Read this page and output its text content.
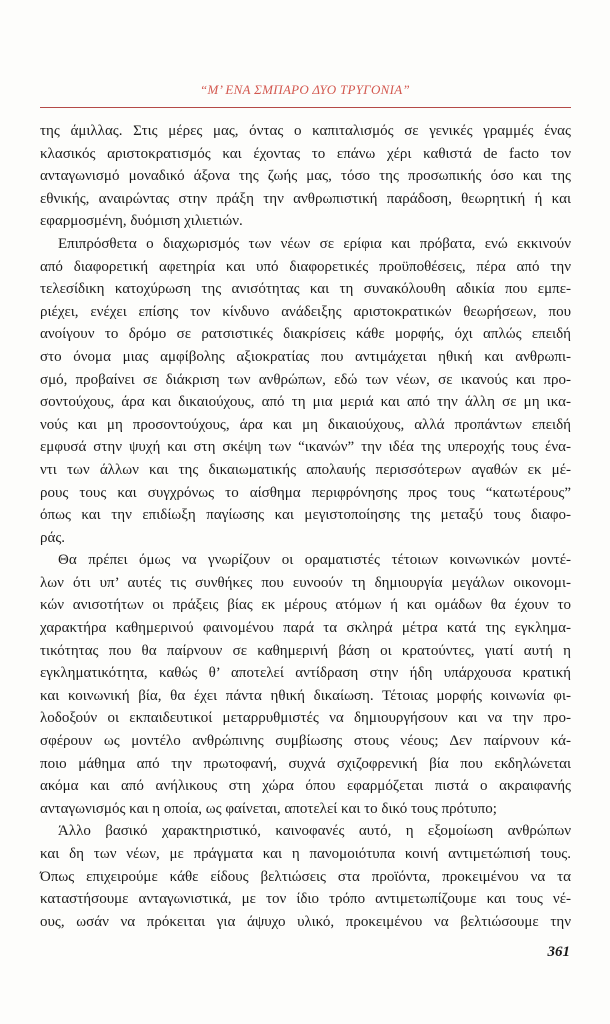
“Μ’ ΕΝΑ ΣΜΠΑΡΟ ΔΥΟ ΤΡΥΓΟΝΙΑ”
της άμιλλας. Στις μέρες μας, όντας ο καπιταλισμός σε γενικές γραμμές ένας
κλασικός αριστοκρατισμός και έχοντας το επάνω χέρι καθιστά de facto τον
ανταγωνισμό μοναδικό άξονα της ζωής μας, τόσο της προσωπικής όσο και της
εθνικής, αναιρώντας στην πράξη την ανθρωπιστική παράδοση, θεωρητική ή και
εφαρμοσμένη, δυόμιση χιλιετιών.
Επιπρόσθετα ο διαχωρισμός των νέων σε ερίφια και πρόβατα, ενώ εκκινούν
από διαφορετική αφετηρία και υπό διαφορετικές προϋποθέσεις, πέρα από την
τελεσίδικη κατοχύρωση της ανισότητας και τη συνακόλουθη αδικία που εμπε-
ριέχει, ενέχει επίσης τον κίνδυνο ανάδειξης αριστοκρατικών θεωρήσεων, που
ανοίγουν το δρόμο σε ρατσιστικές διακρίσεις κάθε μορφής, όχι απλώς επειδή
στο όνομα μιας αμφίβολης αξιοκρατίας που αντιμάχεται ηθική και ανθρωπι-
σμό, προβαίνει σε διάκριση των ανθρώπων, εδώ των νέων, σε ικανούς και προ-
σοντούχους, άρα και δικαιούχους, από τη μια μεριά και από την άλλη σε μη ικα-
νούς και μη προσοντούχους, άρα και μη δικαιούχους, αλλά προπάντων επειδή
εμφυσά στην ψυχή και στη σκέψη των “ικανών” την ιδέα της υπεροχής τους ένα-
ντι των άλλων και της δικαιωματικής απολαυής περισσότερων αγαθών εκ μέ-
ρους τους και συγχρόνως το αίσθημα περιφρόνησης προς τους “κατωτέρους”
όπως και την επιδίωξη παγίωσης και μεγιστοποίησης της μεταξύ τους διαφο-
ράς.
Θα πρέπει όμως να γνωρίζουν οι οραματιστές τέτοιων κοινωνικών μοντέ-
λων ότι υπ’ αυτές τις συνθήκες που ευνοούν τη δημιουργία μεγάλων οικονομι-
κών ανισοτήτων οι πράξεις βίας εκ μέρους ατόμων ή και ομάδων θα έχουν το
χαρακτήρα καθημερινού φαινομένου παρά τα σκληρά μέτρα κατά της εγκλημα-
τικότητας που θα παίρνουν σε καθημερινή βάση οι κρατούντες, γιατί αυτή η
εγκληματικότητα, καθώς θ’ αποτελεί αντίδραση στην ήδη υπάρχουσα κρατική
και κοινωνική βία, θα έχει πάντα ηθική δικαίωση. Τέτοιας μορφής κοινωνία φι-
λοδοξούν οι εκπαιδευτικοί μεταρρυθμιστές να δημιουργήσουν και να την προ-
σφέρουν ως μοντέλο ανθρώπινης συμβίωσης στους νέους; Δεν παίρνουν κά-
ποιο μάθημα από την πρωτοφανή, συχνά σχιζοφρενική βία που εκδηλώνεται
ακόμα και από ανήλικους στη χώρα όπου εφαρμόζεται πιστά ο ακραιφανής
ανταγωνισμός και η οποία, ως φαίνεται, αποτελεί και το δικό τους πρότυπο;
Άλλο βασικό χαρακτηριστικό, καινοφανές αυτό, η εξομοίωση ανθρώπων
και δη των νέων, με πράγματα και η πανομοιότυπα κοινή αντιμετώπισή τους.
Όπως επιχειρούμε κάθε είδους βελτιώσεις στα προϊόντα, προκειμένου να τα
καταστήσουμε ανταγωνιστικά, με τον ίδιο τρόπο αντιμετωπίζουμε και τους νέ-
ους, ωσάν να πρόκειται για άψυχο υλικό, προκειμένου να βελτιώσουμε την
361
